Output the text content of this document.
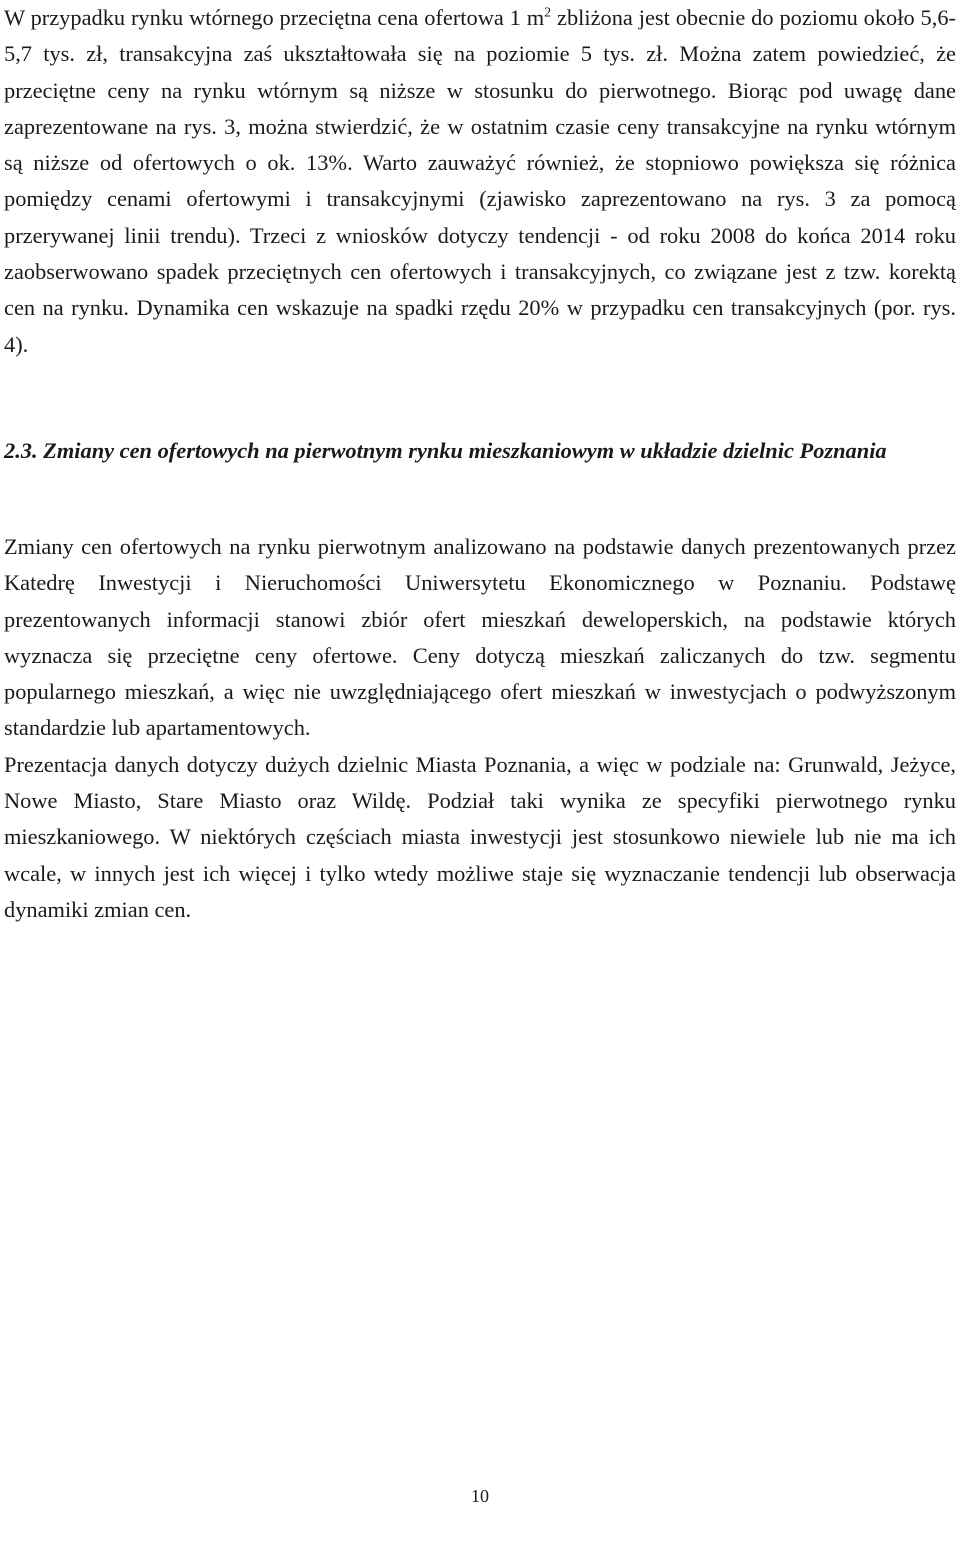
W przypadku rynku wtórnego przeciętna cena ofertowa 1 $m^2$ zbliżona jest obecnie do poziomu około 5,6-5,7 tys. zł, transakcyjna zaś ukształtowała się na poziomie 5 tys. zł. Można zatem powiedzieć, że przeciętne ceny na rynku wtórnym są niższe w stosunku do pierwotnego. Biorąc pod uwagę dane zaprezentowane na rys. 3, można stwierdzić, że w ostatnim czasie ceny transakcyjne na rynku wtórnym są niższe od ofertowych o ok. 13%. Warto zauważyć również, że stopniowo powiększa się różnica pomiędzy cenami ofertowymi i transakcyjnymi (zjawisko zaprezentowano na rys. 3 za pomocą przerywanej linii trendu). Trzeci z wniosków dotyczy tendencji - od roku 2008 do końca 2014 roku zaobserwowano spadek przeciętnych cen ofertowych i transakcyjnych, co związane jest z tzw. korektą cen na rynku. Dynamika cen wskazuje na spadki rzędu 20% w przypadku cen transakcyjnych (por. rys. 4).

2.3. Zmiany cen ofertowych na pierwotnym rynku mieszkaniowym w układzie dzielnic Poznania

Zmiany cen ofertowych na rynku pierwotnym analizowano na podstawie danych prezentowanych przez Katedrę Inwestycji i Nieruchomości Uniwersytetu Ekonomicznego w Poznaniu. Podstawę prezentowanych informacji stanowi zbiór ofert mieszkań deweloperskich, na podstawie których wyznacza się przeciętne ceny ofertowe. Ceny dotyczą mieszkań zaliczanych do tzw. segmentu popularnego mieszkań, a więc nie uwzględniającego ofert mieszkań w inwestycjach o podwyższonym standardzie lub apartamentowych.

Prezentacja danych dotyczy dużych dzielnic Miasta Poznania, a więc w podziale na: Grunwald, Jeżyce, Nowe Miasto, Stare Miasto oraz Wildę. Podział taki wynika ze specyfiki pierwotnego rynku mieszkaniowego. W niektórych częściach miasta inwestycji jest stosunkowo niewiele lub nie ma ich wcale, w innych jest ich więcej i tylko wtedy możliwe staje się wyznaczanie tendencji lub obserwacja dynamiki zmian cen.

10
